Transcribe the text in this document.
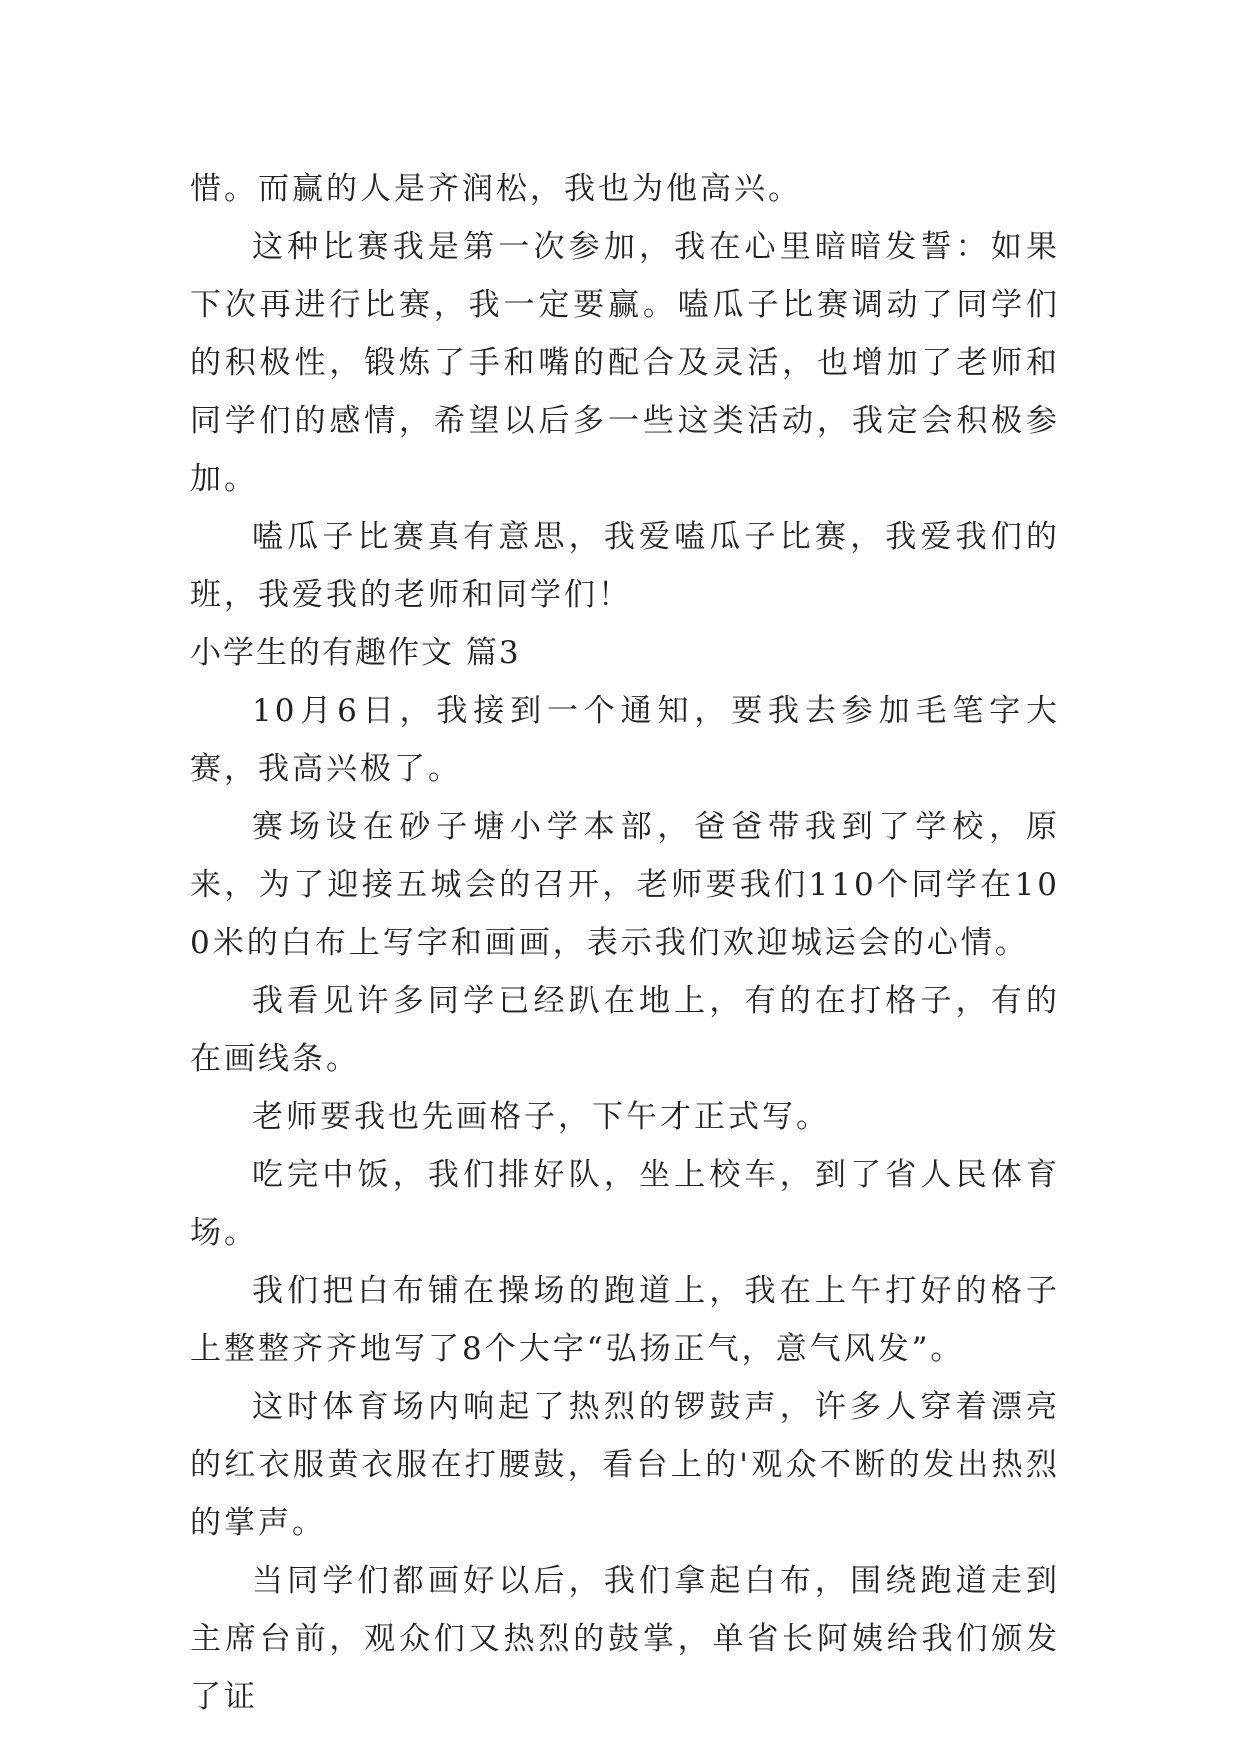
惜。而赢的人是齐润松，我也为他高兴。

这种比赛我是第一次参加，我在心里暗暗发誓：如果下次再进行比赛，我一定要赢。嗑瓜子比赛调动了同学们的积极性，锻炼了手和嘴的配合及灵活，也增加了老师和同学们的感情，希望以后多一些这类活动，我定会积极参加。

嗑瓜子比赛真有意思，我爱嗑瓜子比赛，我爱我们的班，我爱我的老师和同学们！

小学生的有趣作文 篇3

10月6日，我接到一个通知，要我去参加毛笔字大赛，我高兴极了。

赛场设在砂子塘小学本部，爸爸带我到了学校，原来，为了迎接五城会的召开，老师要我们110个同学在100米的白布上写字和画画，表示我们欢迎城运会的心情。

我看见许多同学已经趴在地上，有的在打格子，有的在画线条。

老师要我也先画格子，下午才正式写。

吃完中饭，我们排好队，坐上校车，到了省人民体育场。

我们把白布铺在操场的跑道上，我在上午打好的格子上整整齐齐地写了8个大字“弘扬正气，意气风发”。

这时体育场内响起了热烈的锣鼓声，许多人穿着漂亮的红衣服黄衣服在打腰鼓，看台上的'观众不断的发出热烈的掌声。

当同学们都画好以后，我们拿起白布，围绕跑道走到主席台前，观众们又热烈的鼓掌，单省长阿姨给我们颁发了证
